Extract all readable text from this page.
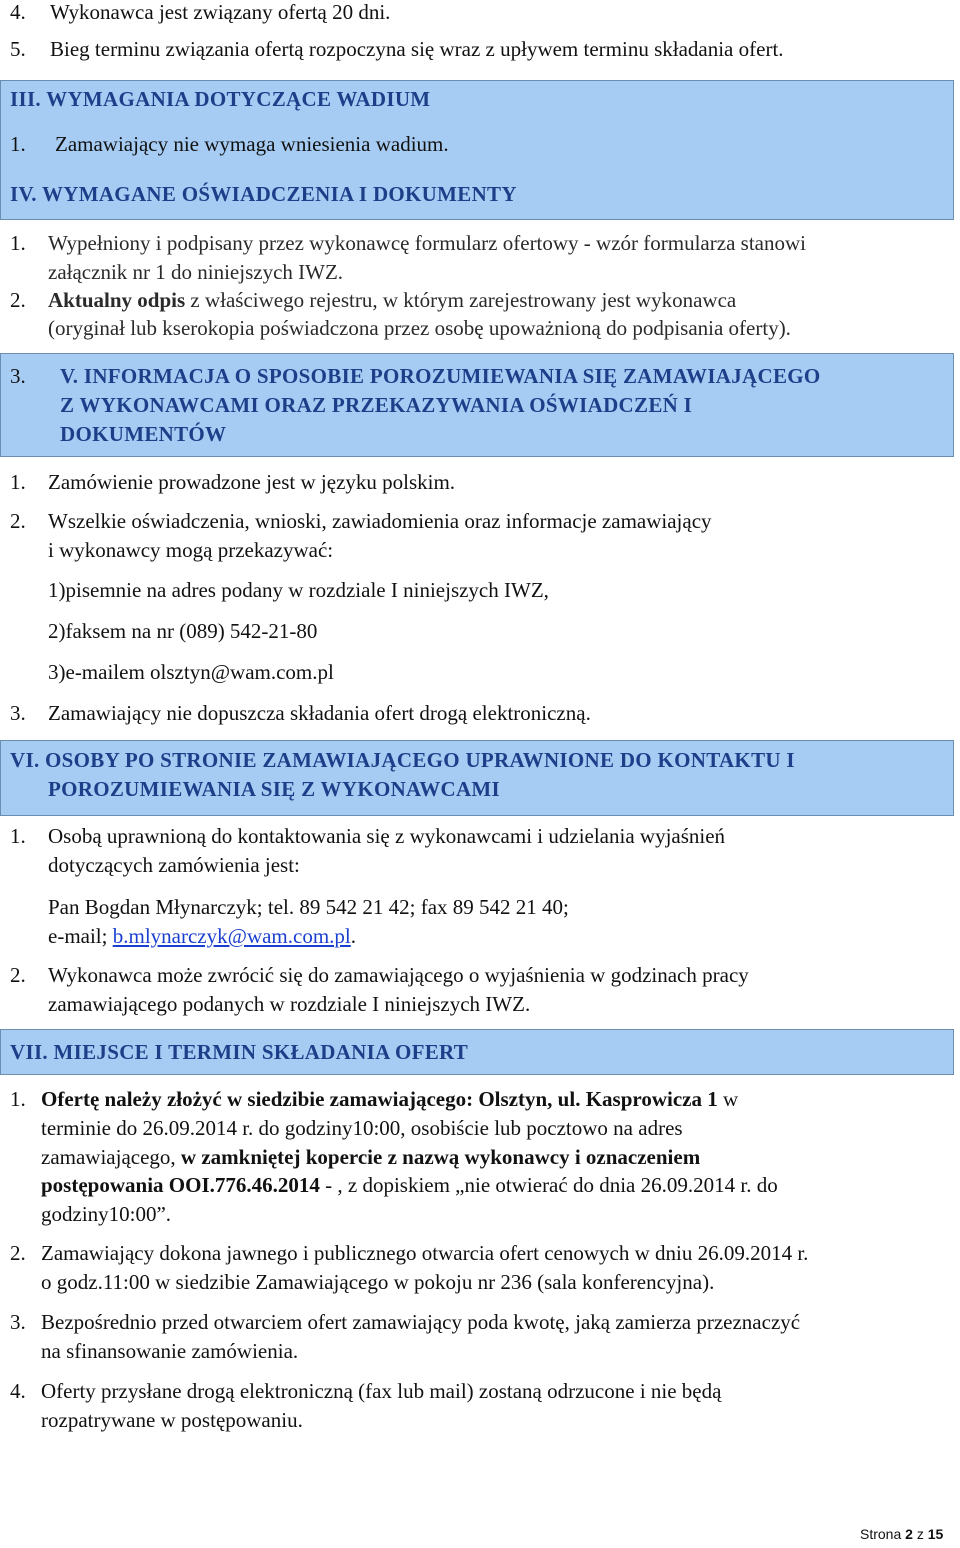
4. Wykonawca jest związany ofertą 20 dni.
5. Bieg terminu związania ofertą rozpoczyna się wraz z upływem terminu składania ofert.
III. WYMAGANIA DOTYCZĄCE WADIUM
1. Zamawiający nie wymaga wniesienia wadium.
IV. WYMAGANE OŚWIADCZENIA I DOKUMENTY
1. Wypełniony i podpisany przez wykonawcę formularz ofertowy - wzór formularza stanowi
załącznik nr 1 do niniejszych IWZ.
2. Aktualny odpis z właściwego rejestru, w którym zarejestrowany jest wykonawca
(oryginał lub kserokopia poświadczona przez osobę upoważnioną do podpisania oferty).
3. V. INFORMACJA O SPOSOBIE POROZUMIEWANIA SIĘ ZAMAWIAJĄCEGO
Z WYKONAWCAMI ORAZ PRZEKAZYWANIA OŚWIADCZEŃ I
DOKUMENTÓW
1. Zamówienie prowadzone jest w języku polskim.
2. Wszelkie oświadczenia, wnioski, zawiadomienia oraz informacje zamawiający
i wykonawcy mogą przekazywać:
1)pisemnie na adres podany w rozdziale I niniejszych IWZ,
2)faksem na nr (089) 542-21-80
3)e-mailem olsztyn@wam.com.pl
3. Zamawiający nie dopuszcza składania ofert drogą elektroniczną.
VI. OSOBY PO STRONIE ZAMAWIAJĄCEGO UPRAWNIONE DO KONTAKTU I
POROZUMIEWANIA SIĘ Z WYKONAWCAMI
1. Osobą uprawnioną do kontaktowania się z wykonawcami i udzielania wyjaśnień
dotyczących zamówienia jest:
Pan Bogdan Młynarczyk; tel. 89 542 21 42; fax 89 542 21 40;
e-mail; b.mlynarczyk@wam.com.pl.
2. Wykonawca może zwrócić się do zamawiającego o wyjaśnienia w godzinach pracy
zamawiającego podanych w rozdziale I niniejszych IWZ.
VII. MIEJSCE I TERMIN SKŁADANIA OFERT
1. Ofertę należy złożyć w siedzibie zamawiającego: Olsztyn, ul. Kasprowicza 1 w
terminie do 26.09.2014 r. do godziny10:00, osobiście lub pocztowo na adres
zamawiającego, w zamkniętej kopercie z nazwą wykonawcy i oznaczeniem
postępowania OOI.776.46.2014 - , z dopiskiem „nie otwierać do dnia 26.09.2014 r. do
godziny10:00”.
2. Zamawiający dokona jawnego i publicznego otwarcia ofert cenowych w dniu 26.09.2014 r.
o godz.11:00 w siedzibie Zamawiającego w pokoju nr 236 (sala konferencyjna).
3. Bezpośrednio przed otwarciem ofert zamawiający poda kwotę, jaką zamierza przeznaczyć
na sfinansowanie zamówienia.
4. Oferty przysłane drogą elektroniczną (fax lub mail) zostaną odrzucone i nie będą
rozpatrywane w postępowaniu.
Strona 2 z 15
